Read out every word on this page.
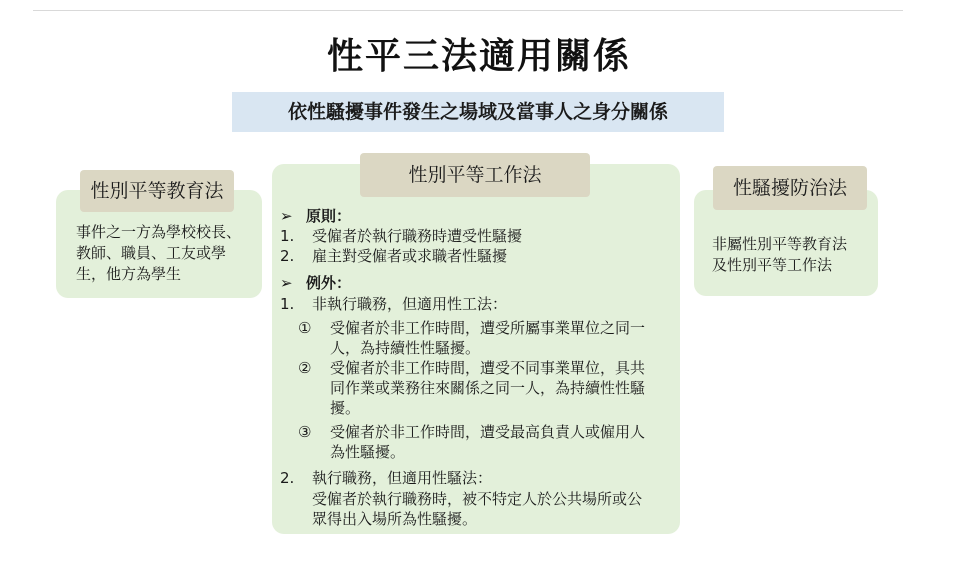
性平三法適用關係
依性騷擾事件發生之場域及當事人之身分關係
性別平等教育法
事件之一方為學校校長、
教師、職員、工友或學
生，他方為學生
性別平等工作法
➢ 原則：
1. 受僱者於執行職務時遭受性騷擾
2. 雇主對受僱者或求職者性騷擾
➢ 例外：
1. 非執行職務，但適用性工法：
① 受僱者於非工作時間，遭受所屬事業單位之同一
人，為持續性性騷擾。
② 受僱者於非工作時間，遭受不同事業單位，具共
同作業或業務往來關係之同一人，為持續性性騷
擾。
③ 受僱者於非工作時間，遭受最高負責人或僱用人
為性騷擾。
2. 執行職務，但適用性騷法：
受僱者於執行職務時，被不特定人於公共場所或公
眾得出入場所為性騷擾。
性騷擾防治法
非屬性別平等教育法
及性別平等工作法
